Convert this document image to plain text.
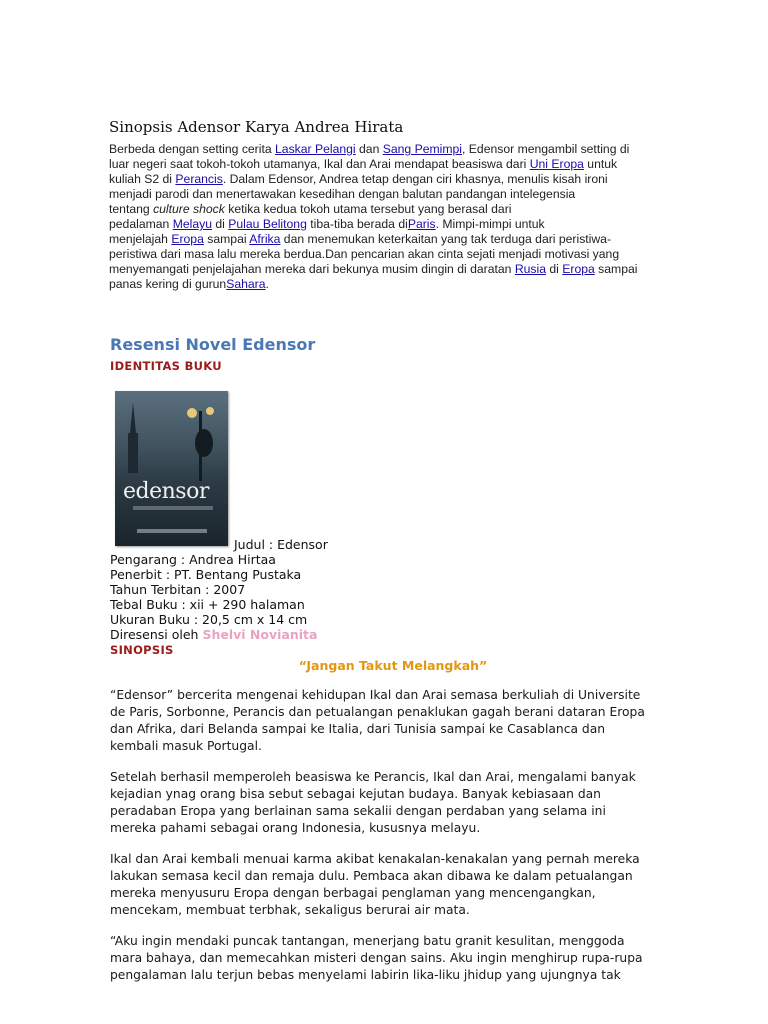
Sinopsis Adensor Karya Andrea Hirata

Berbeda dengan setting cerita Laskar Pelangi dan Sang Pemimpi, Edensor mengambil setting di
luar negeri saat tokoh-tokoh utamanya, Ikal dan Arai mendapat beasiswa dari Uni Eropa untuk
kuliah S2 di Perancis. Dalam Edensor, Andrea tetap dengan ciri khasnya, menulis kisah ironi
menjadi parodi dan menertawakan kesedihan dengan balutan pandangan intelegensia
tentang culture shock ketika kedua tokoh utama tersebut yang berasal dari
pedalaman Melayu di Pulau Belitong tiba-tiba berada diParis. Mimpi-mimpi untuk
menjelajah Eropa sampai Afrika dan menemukan keterkaitan yang tak terduga dari peristiwa-
peristiwa dari masa lalu mereka berdua.Dan pencarian akan cinta sejati menjadi motivasi yang
menyemangati penjelajahan mereka dari bekunya musim dingin di daratan Rusia di Eropa sampai
panas kering di gurunSahara.

Resensi Novel Edensor
IDENTITAS BUKU
edensor
Judul : Edensor
Pengarang : Andrea Hirtaa
Penerbit : PT. Bentang Pustaka
Tahun Terbitan : 2007
Tebal Buku : xii + 290 halaman
Ukuran Buku : 20,5 cm x 14 cm
Diresensi oleh Shelvi Novianita
SINOPSIS
“Jangan Takut Melangkah”

“Edensor” bercerita mengenai kehidupan Ikal dan Arai semasa berkuliah di Universite
de Paris, Sorbonne, Perancis dan petualangan penaklukan gagah berani dataran Eropa
dan Afrika, dari Belanda sampai ke Italia, dari Tunisia sampai ke Casablanca dan
kembali masuk Portugal.

Setelah berhasil memperoleh beasiswa ke Perancis, Ikal dan Arai, mengalami banyak
kejadian ynag orang bisa sebut sebagai kejutan budaya. Banyak kebiasaan dan
peradaban Eropa yang berlainan sama sekalii dengan perdaban yang selama ini
mereka pahami sebagai orang Indonesia, kususnya melayu.

Ikal dan Arai kembali menuai karma akibat kenakalan-kenakalan yang pernah mereka
lakukan semasa kecil dan remaja dulu. Pembaca akan dibawa ke dalam petualangan
mereka menyusuru Eropa dengan berbagai penglaman yang mencengangkan,
mencekam, membuat terbhak, sekaligus berurai air mata.

“Aku ingin mendaki puncak tantangan, menerjang batu granit kesulitan, menggoda
mara bahaya, dan memecahkan misteri dengan sains. Aku ingin menghirup rupa-rupa
pengalaman lalu terjun bebas menyelami labirin lika-liku jhidup yang ujungnya tak
